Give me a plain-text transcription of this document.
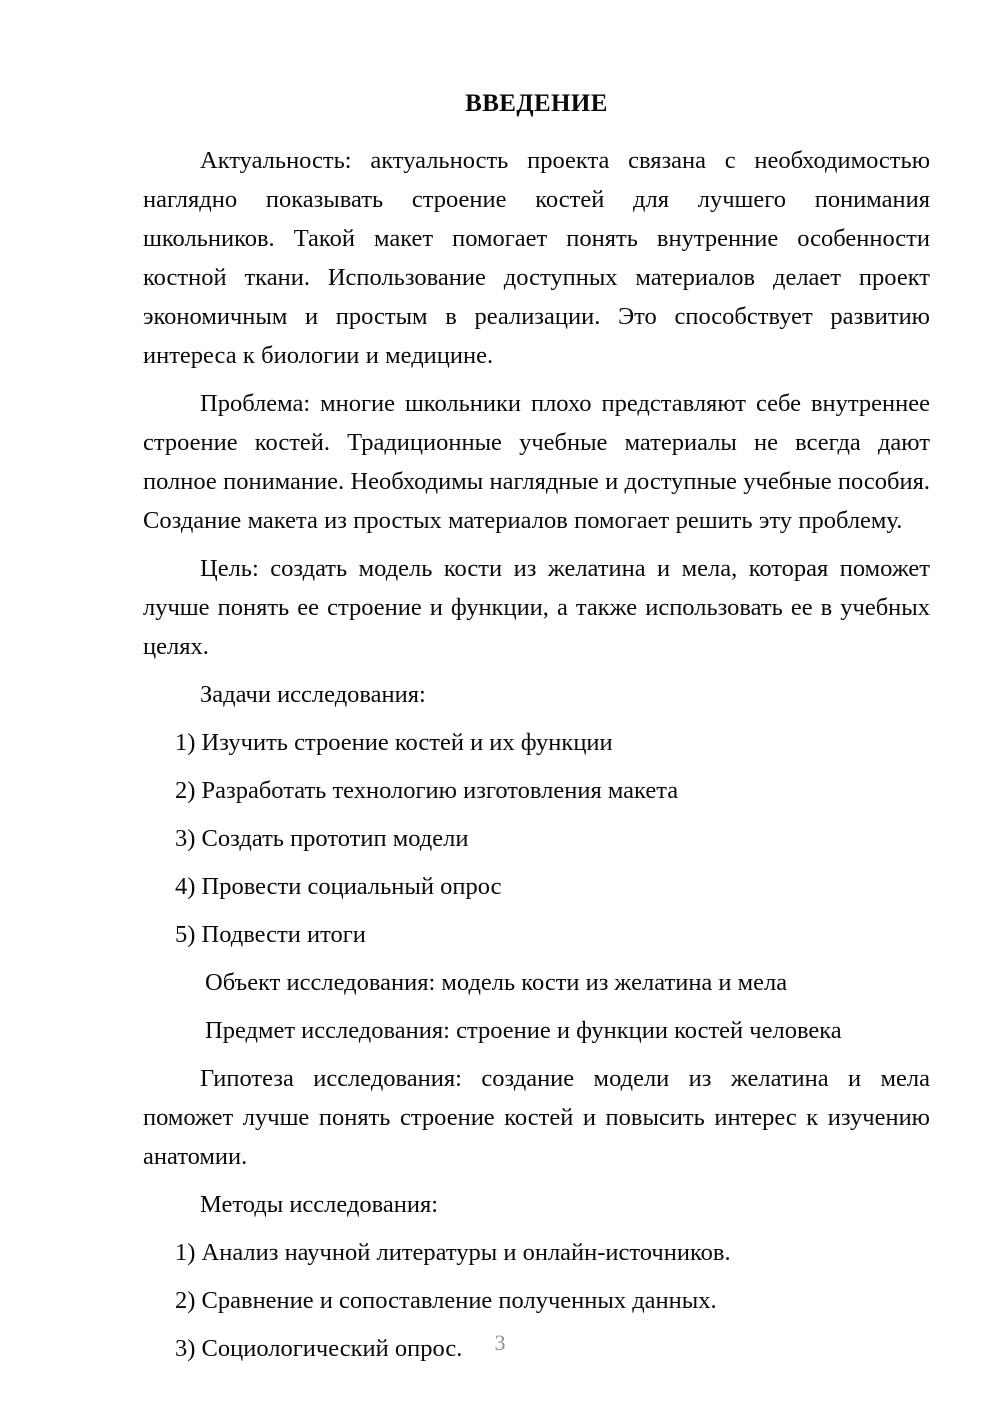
ВВЕДЕНИЕ

Актуальность: актуальность проекта связана с необходимостью наглядно показывать строение костей для лучшего понимания школьников. Такой макет помогает понять внутренние особенности костной ткани. Использование доступных материалов делает проект экономичным и простым в реализации. Это способствует развитию интереса к биологии и медицине.

Проблема: многие школьники плохо представляют себе внутреннее строение костей. Традиционные учебные материалы не всегда дают полное понимание. Необходимы наглядные и доступные учебные пособия. Создание макета из простых материалов помогает решить эту проблему.

Цель: создать модель кости из желатина и мела, которая поможет лучше понять ее строение и функции, а также использовать ее в учебных целях.

Задачи исследования:

1) Изучить строение костей и их функции

2) Разработать технологию изготовления макета

3) Создать прототип модели

4) Провести социальный опрос

5) Подвести итоги

Объект исследования: модель кости из желатина и мела

Предмет исследования: строение и функции костей человека

Гипотеза исследования: создание модели из желатина и мела поможет лучше понять строение костей и повысить интерес к изучению анатомии.

Методы исследования:

1) Анализ научной литературы и онлайн-источников.

2) Сравнение и сопоставление полученных данных.

3) Социологический опрос.	3
